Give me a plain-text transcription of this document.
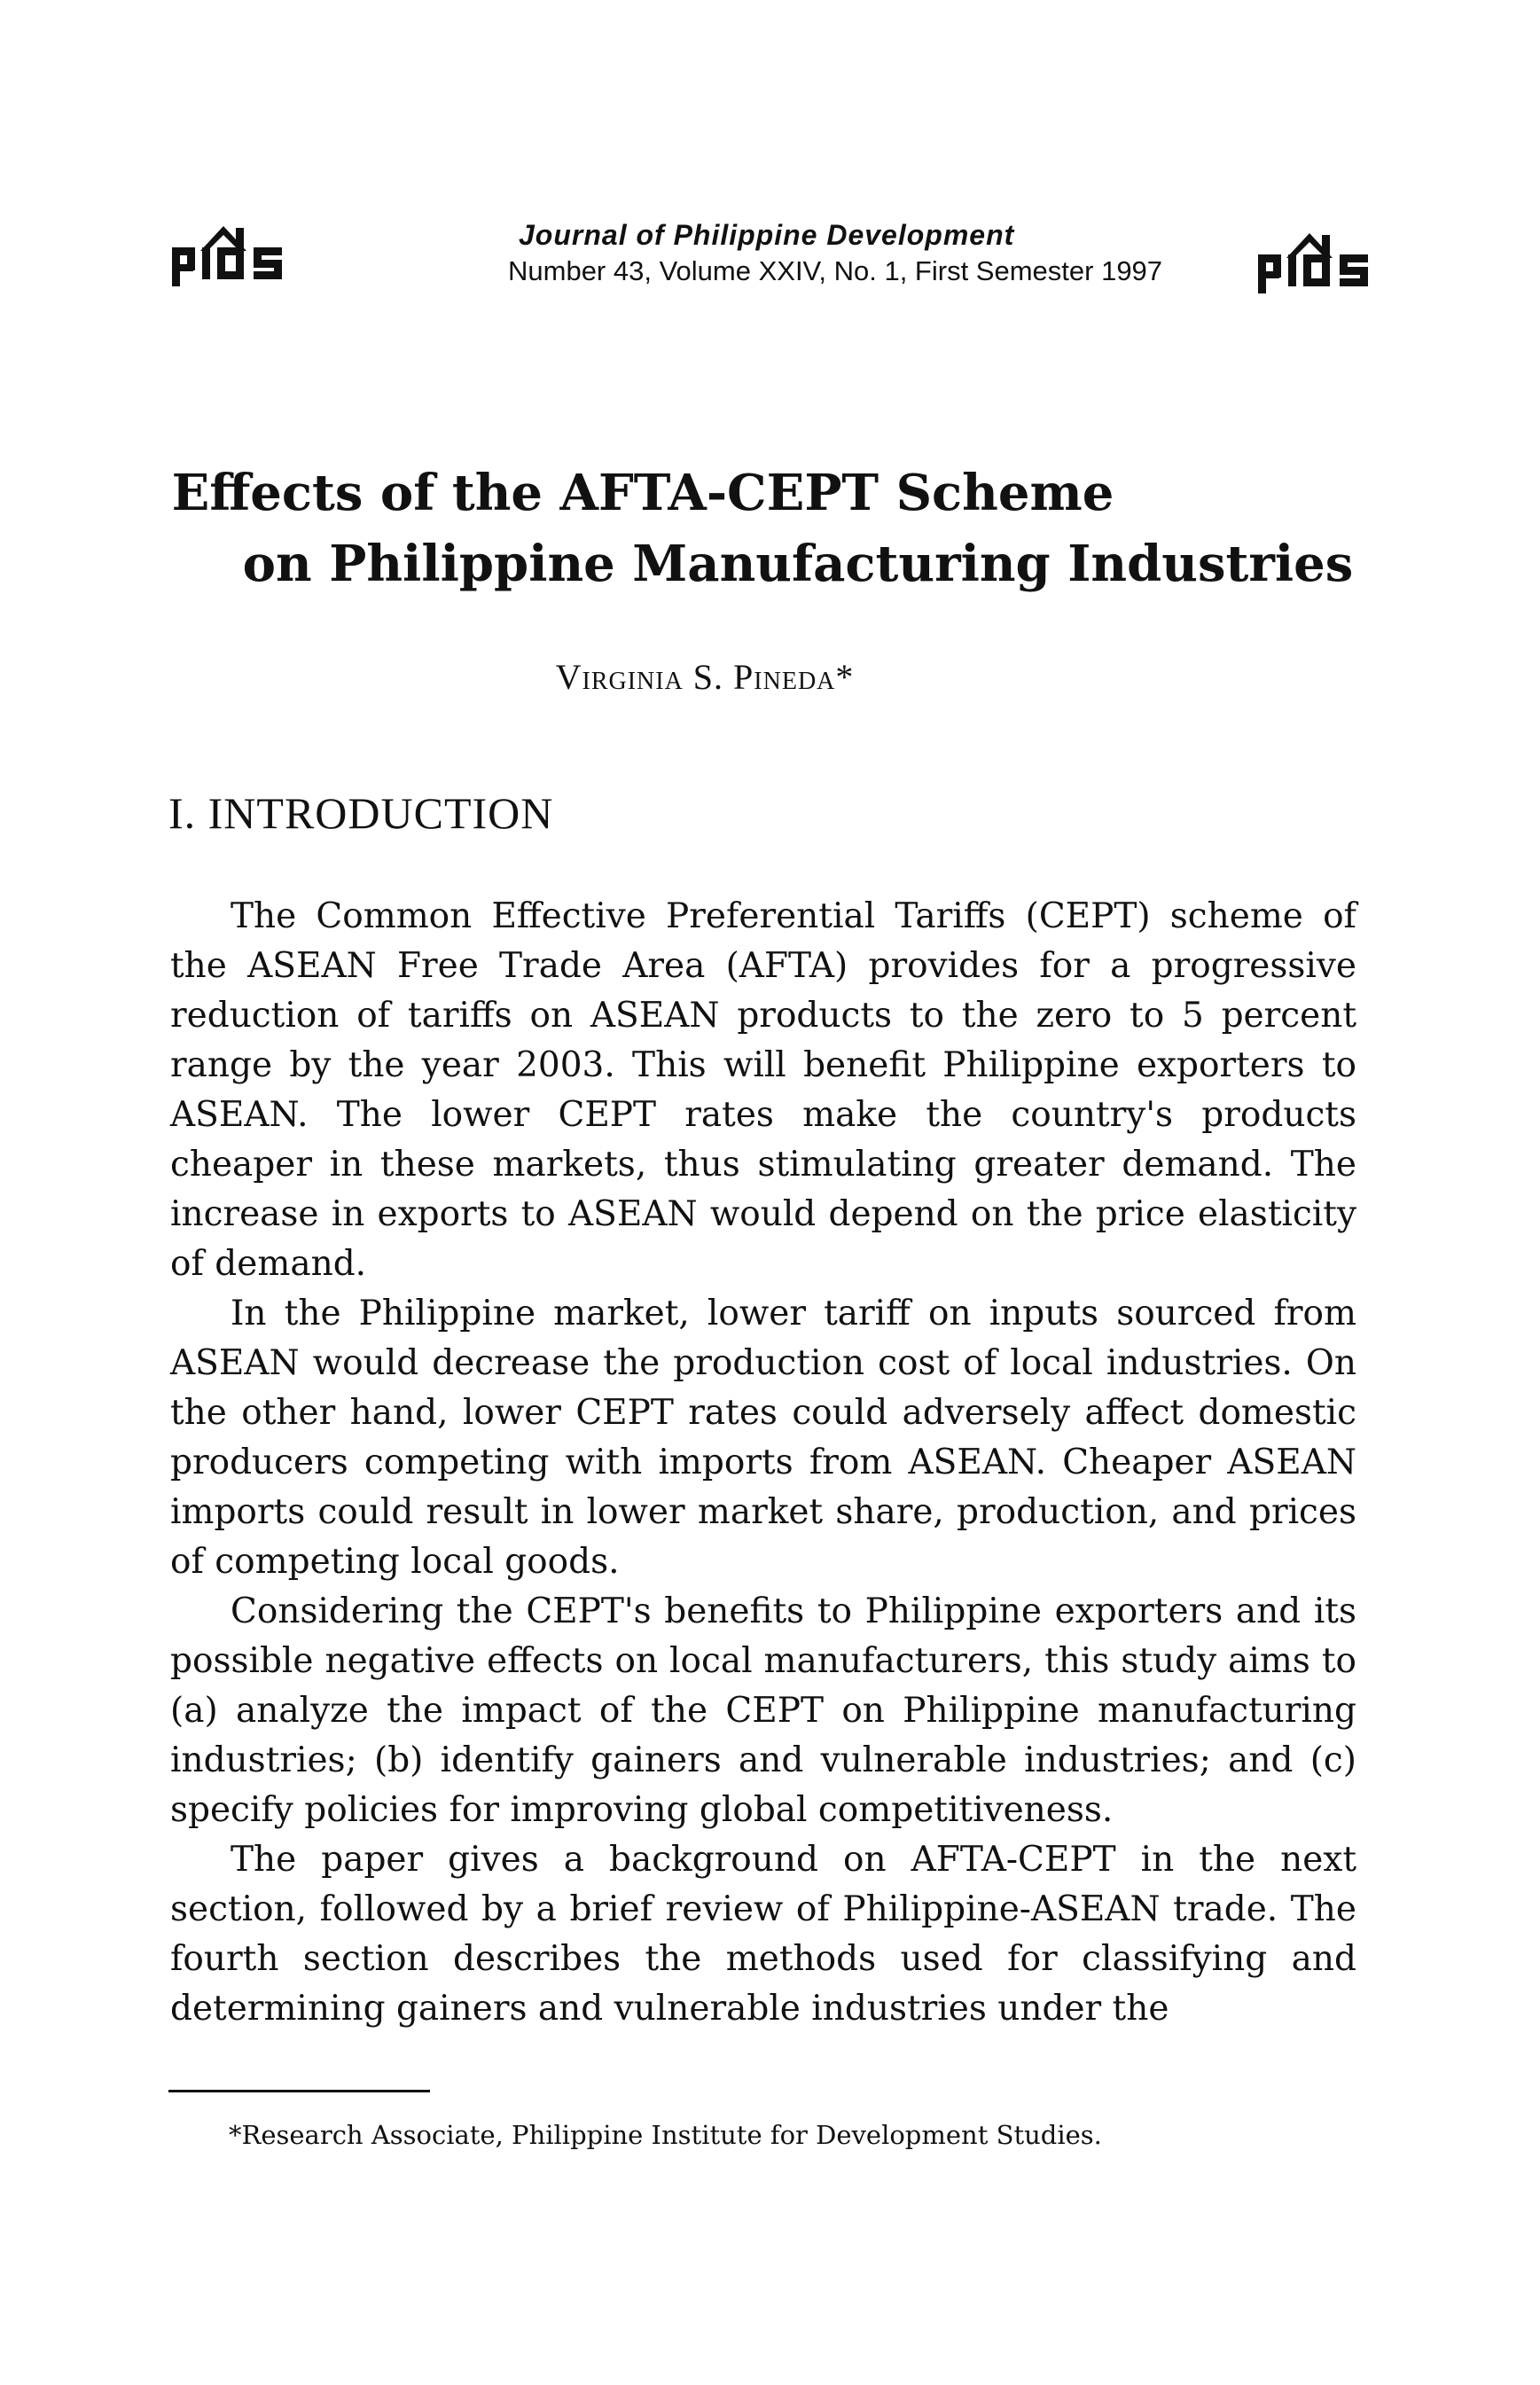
Journal of Philippine Development
Number 43, Volume XXIV, No. 1, First Semester 1997
Effects of the AFTA-CEPT Scheme
on Philippine Manufacturing Industries
Virginia S. Pineda*
I. INTRODUCTION

The Common Effective Preferential Tariffs (CEPT) scheme of the ASEAN Free Trade Area (AFTA) provides for a progressive reduction of tariffs on ASEAN products to the zero to 5 percent range by the year 2003. This will benefit Philippine exporters to ASEAN. The lower CEPT rates make the country's products cheaper in these markets, thus stimulating greater demand. The increase in exports to ASEAN would depend on the price elasticity of demand.

In the Philippine market, lower tariff on inputs sourced from ASEAN would decrease the production cost of local industries. On the other hand, lower CEPT rates could adversely affect domestic producers competing with imports from ASEAN. Cheaper ASEAN imports could result in lower market share, production, and prices of competing local goods.

Considering the CEPT's benefits to Philippine exporters and its possible negative effects on local manufacturers, this study aims to (a) analyze the impact of the CEPT on Philippine manufacturing industries; (b) identify gainers and vulnerable industries; and (c) specify policies for improving global competitiveness.

The paper gives a background on AFTA-CEPT in the next section, followed by a brief review of Philippine-ASEAN trade. The fourth section describes the methods used for classifying and determining gainers and vulnerable industries under the

*Research Associate, Philippine Institute for Development Studies.
